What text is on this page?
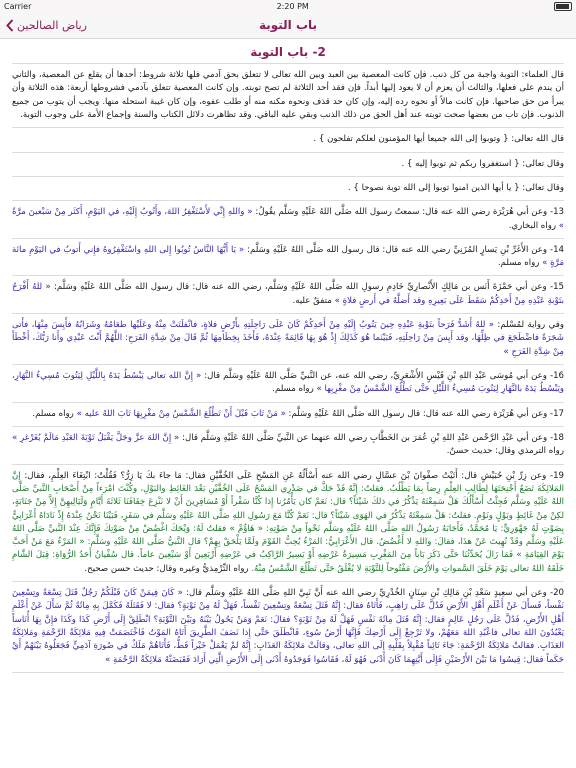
Carrier	2:20 PM
رياض الصالحين	باب التوبة
2- باب التوبة
قال العلماء: التوبة واجبة من كل ذنب. فإن كانت المعصية بين العبد وبين الله تعالى لا تتعلق بحق آدمي فلها ثلاثة شروط: أحدها أن يقلع عن المعصية، والثاني أن يندم على فعلها، والثالث أن يعزم أن لا يعود إليها أبداً. فإن فقد أحد الثلاثة لم تصح توبته. وإن كانت المعصية تتعلق بآدمي فشروطها أربعة: هذه الثلاثة وأن يبرأ من حق صاحبها. فإن كانت مالاً أو نحوه رده إليه، وإن كان حد قذف ونحوه مكنه منه أو طلب عفوه، وإن كان غيبة استحله منها. ويجب أن يتوب من جميع الذنوب. فإن تاب من بعضها صحت توبته عند أهل الحق من ذلك الذنب وبقي عليه الباقي. وقد تظاهرت دلائل الكتاب والسنة وإجماع الأمة على وجوب التوبة.
قال الله تعالى: { وتوبوا إلى الله جميعا أيها المؤمنون لعلكم تفلحون } .
وقال تعالى: { استغفروا ربكم ثم توبوا إليه } .
وقال تعالى: { يا أيها الذين امنوا توبوا إلى الله توبة نصوحا } .
13- وعن أبي هُرَيْرَة رضي الله عنه قال: سمعتُ رسول الله صَلَّى اللهُ عَلَيْهِ وسَلَّم يقُولُ: « واللهِ إِنِّي لأَسْتَغْفِرُ اللهَ، وأَتُوبُ إِلَيْهِ، في اليَوْمِ، أَكثَر مِنْ سَبْعينَ مرَّةً » رواه البخاري.
14- وعن الأَغَرِّ بْنِ يَسارٍ المُزَنِيِّ رضي الله عنه قال: قال رسول الله صَلَّى اللهُ عَلَيْهِ وسَلَّم: « يَا أَيُّهَا النَّاسُ تُوبُوا إِلى اللهِ واسْتَغْفِرُوهُ فإِني أَتوبُ في اليَوْمِ مائة مَرَّةٍ » رواه مسلم.
15- وعن أبي حَمْزَةَ أَنَس بن مَالِكٍ الأَنْصارِيِّ خَادِمِ رسولِ الله صَلَّى اللهُ عَلَيْهِ وسَلَّم، رضي الله عنه قال: قال رسول الله صَلَّى اللهُ عَلَيْهِ وسَلَّم: « للهُ أَفْرَحُ بتَوْبةِ عَبْدِهِ مِنْ أَحَدِكُمْ سَقَطَ عَلَى بَعِيرِهِ وقد أَضلَّهُ في أَرضٍ فلاةٍ » متفقٌ عليه.
وفي رواية لمُسْلم: « للهُ أَشَدُّ فَرَحاً بتَوْبةِ عَبْدِهِ حِينَ يَتُوبُ إِلَيْهِ مِنْ أَحَدِكُمْ كَانَ عَلَى رَاحِلَتِهِ بأَرْضٍ فلاةٍ، فانْفلَتَتْ مِنْهُ وعَلَيْها طعَامُهُ وشَرَابُهُ فأَيِسَ مِنْهَا، فأَتى شَجَرَةً فاضْطَجَعَ في ظِلِّهَا، وقد أَيِسَ مِنْ رَاحِلَتِهِ، فَبَيْنَما هُوَ كَذَلِكَ إِذْ هُوَ بِهَا قَائِمَةً عِنْدَهُ، فَأَخَذَ بِخِطَامِهَا ثُمَّ قَالَ مِنْ شِدَّةِ الفَرَحِ: اللَّهُمَّ أَنْتَ عَبْدِي وأَنا رَبُّكَ، أَخْطَأَ مِنْ شِدَّةِ الفَرَحِ »
16- وعن أبي مُوسَى عَبْدِ اللهِ بْنِ قَيْسٍ الأَشْعَرِيِّ، رضي الله عنه، عن النَّبيِّ صَلَّى اللهُ عَلَيْهِ وسَلَّم قال: « إِنَّ الله تعالى يَبْسُطُ يَدَهُ بِاللَّيْلِ لِيَتُوبَ مُسِيءُ النَّهَارِ، ويَبْسُطُ يَدَهُ بالنَّهَارِ لِيَتُوبَ مُسِيءُ اللَّيْلِ حَتَّى تَطْلُعَ الشَّمْسُ مِنْ مغْرِبِها » رواه مسلم.
17- وعن أبي هُرَيْرَة رضي الله عنه قال: قال رسول الله صَلَّى اللهُ عَلَيْهِ وسَلَّم: « مَنْ تَابَ قَبْلَ أَنْ تَطْلُعَ الشَّمْسُ مِنْ مغْرِبِهَا تَابَ اللهُ عليه » رواه مسلم.
18- وعن أبي عَبْدِ الرَّحْمن عَبْدِ اللهِ بْنِ عُمَرَ بن الخَطَّابِ رضي الله عنهما عن النَّبيِّ صَلَّى اللهُ عَلَيْهِ وسَلَّم قال: « إِنَّ اللهَ عزَّ وجَلَّ يَقْبَلُ تَوْبَةَ العَبْدِ مَالَمْ يُغَرْغرِ » رواه الترمذي وقال: حديث حسنٌ.
19- وعن زِرِّ بْنِ حُبَيْشٍ قال: أَتَيْتُ صفْوانَ بْنَ عسَّالٍ رضي الله عنه أَسْأَلُهُ عَنِ المَسْحِ عَلَى الخُفَّيْنِ فقال: مَا جاءَ بكَ يَا زِرُّ؟ فَقُلْتُ: ابْتِغَاءَ العِلْمِ، فقال: إِنَّ المَلائِكَةَ تَضَعُ أَجْنِحَتَهَا لِطَالِبِ العِلْمِ رِضاً بِمَا يَطْلُبُ. فقلتُ: إِنَّهُ قَدْ حَكَّ في صَدْرِي المَسْحُ عَلَى الخُفَّيْنِ بَعْدَ الغَائِطِ والبَوْلِ، وكُنْتَ امْرَءاً مِنْ أَصْحَابِ النَّبيِّ صَلَّى اللهُ عَلَيْهِ وسَلَّم فَجِئْتُ أَسْأَلُكَ هَلْ سَمِعْتَهُ يَذْكُرُ في ذلكَ شَيْئاً؟ قال: نَعَمْ كان يَأْمُرُنا إِذا كُنَّا سَفْراً أَوْ مُسَافِرِينَ أَنْ لا نَنْزِعَ خِفَافَنَا ثَلاثَةَ أَيَّامٍ وَلَيَالِيهِنَّ إِلاَّ مِنْ جَنَابَةٍ، لكِنْ مِنْ غَائِطٍ وبَوْلٍ ونَوْمٍ. فقلتُ: هَلْ سَمِعْتَهُ يَذْكُرُ في الهَوَى شَيْئاً؟ قال: نَعَمْ كُنَّا مَعَ رَسُولِ اللهِ صَلَّى اللهُ عَلَيْهِ وسَلَّم في سَفَرٍ، فَبَيْنَا نَحْنُ عِنْدَهُ إِذْ نَادَاهُ أَعْرَابِيٌّ بِصَوْتٍ لَهُ جَهْوَرِيٍّ: يَا مُحَمَّدُ، فَأَجَابَهُ رَسُولُ اللهِ صَلَّى اللهُ عَلَيْهِ وسَلَّم نَحْواً مِنْ صَوْتِهِ: « هَاؤُمْ » فقلتُ لَهُ: وَيْحَكَ اغْضُضْ مِنْ صَوْتِكَ فَإِنَّكَ عِنْدَ النَّبيِّ صَلَّى اللهُ عَلَيْهِ وسَلَّم وقَدْ نُهِيتَ عَنْ هذَا، فقالَ: واللهِ لا أَغْضُضُ. قال الأَعْرَابِيُّ: المَرْءُ يُحِبُّ القَوْمَ ولَمَّا يَلْحَقْ بِهِمْ؟ قال النَّبيُّ صَلَّى اللهُ عَلَيْهِ وسَلَّم: « المَرْءُ مَعَ مَنْ أَحَبَّ يَوْمَ القِيَامَةِ » فَمَا زَالَ يُحَدِّثُنَا حَتَّى ذَكَرَ بَاباً مِنَ المَغْرِبِ مَسِيرَةُ عَرْضِهِ أَوْ يَسِيرُ الرَّاكِبُ في عَرْضِهِ أَرْبَعِينَ أَوْ سَبْعِينَ عاماً. قال سُفْيانُ أَحَدُ الرُّوَاةِ: قِبَلَ الشَّامِ خَلَقَهُ اللهُ تعالى يَوْمَ خَلَقَ السَّمواتِ والأَرْضَ مَفْتُوحاً لِلتَّوْبَةِ لا يُغْلَقُ حَتَّى تَطْلُعَ الشَّمْسُ مِنْهُ. رواه التِّرْمِذيُّ وغيره وقال: حديث حسن صحيح.
20- وعن أبي سعِيدٍ سَعْدِ بْنِ مَالِكِ بْنِ سِنَانٍ الخُدْرِيِّ رضي الله عنه أَنَّ نَبِيَّ اللهِ صَلَّى اللهُ عَلَيْهِ وسَلَّم قال: « كَانَ فِيمَنْ كَانَ قَبْلَكُمْ رَجُلٌ قَتَلَ تِسْعَةً وتِسْعِينَ نَفْساً، فَسأَلَ عَنْ أَعْلَمِ أَهْلِ الأَرْضِ فَدُلَّ عَلَى رَاهِبٍ، فَأَتَاهُ فقال: إِنَّهُ قَتَلَ تِسْعَةً وتِسْعِينَ نَفْساً، فَهَلْ لَهُ مِنْ تَوْبَةٍ؟ فقال: لا فَقَتَلَهُ فَكَمَّلَ بِهِ مِائَةً ثُمَّ سَأَلَ عَنْ أَعْلَمِ أَهْلِ الأَرْضِ، فَدُلَّ عَلَى رَجُلٍ عَالِمٍ فقال: إِنَّهُ قَتَلَ مِائَةَ نَفْسٍ فَهَلْ لَهُ مِنْ تَوْبَةٍ؟ فقالَ: نَعَمْ وَمَنْ يَحُولُ بَيْنَهُ وبَيْنَ التَّوْبَةِ؟ انْطَلِقْ إِلَى أَرْضِ كَذَا وكَذَا فإِنَّ بِهَا أُنَاساً يَعْبُدُونَ اللهَ تعالى فاعْبُدِ اللهَ مَعَهُمْ، ولا تَرْجِعْ إِلَى أَرْضِكَ فَإِنَّهَا أَرْضُ سُوءٍ، فَانْطَلَقَ حَتَّى إِذا نَصَفَ الطَّرِيقَ أَتَاهُ المَوْتُ فَاخْتَصَمَتْ فِيهِ مَلائِكَةُ الرَّحْمَةِ ومَلائِكَةُ العَذَابِ. فقالتْ مَلائِكَةُ الرَّحْمَةِ: جَاءَ تَائِباً مُقْبِلاً بِقَلْبِهِ إِلَى اللهِ تعالى، وقالَتْ مَلائِكَةُ العَذَابِ: إِنَّهُ لمْ يَعْمَلْ خَيْراً قَطُّ، فَأَتَاهُمْ مَلَكٌ في صُورَةِ آدَمِيٍّ فَجَعَلُوهُ بَيْنَهُمْ أَيْ حَكَماً فقال: قِيسُوا مَا بَيْنَ الأَرْضَيْنِ فَإِلَى أَيَّتِهِمَا كَانَ أَدْنَى فَهُوَ لَهُ، فَقَاسُوا فَوَجَدُوهُ أَدْنَى إِلَى الأَرْضِ الَّتِي أَرَادَ فَقَبَضَتْهُ مَلائِكَةُ الرَّحْمَةِ »
